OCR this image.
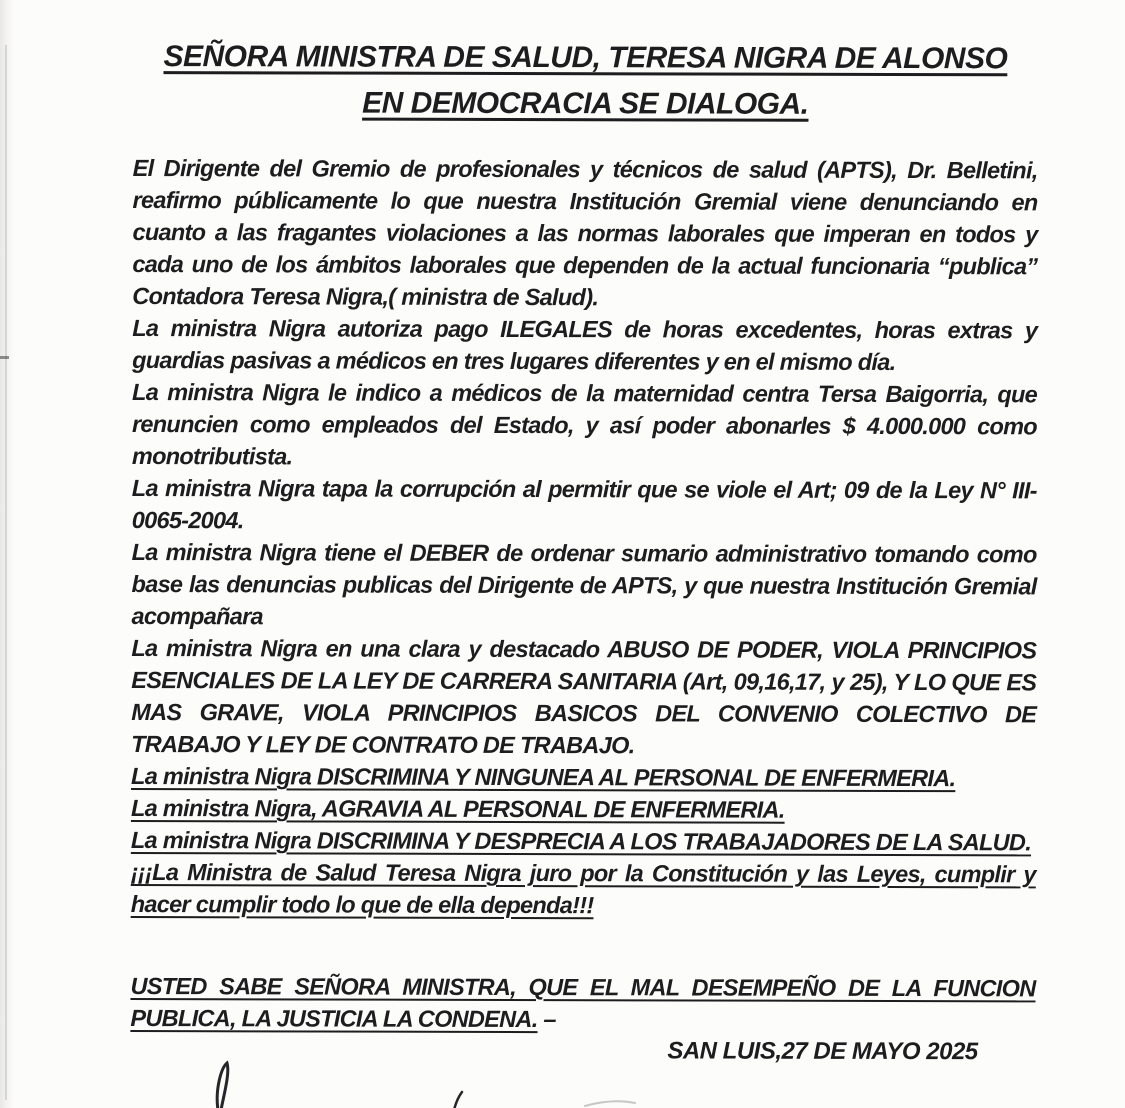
SEÑORA MINISTRA DE SALUD, TERESA NIGRA DE ALONSO
EN DEMOCRACIA SE DIALOGA.

El Dirigente del Gremio de profesionales y técnicos de salud (APTS), Dr. Belletini, reafirmo públicamente lo que nuestra Institución Gremial viene denunciando en cuanto a las fragantes violaciones a las normas laborales que imperan en todos y cada uno de los ámbitos laborales que dependen de la actual funcionaria “publica” Contadora Teresa Nigra,( ministra de Salud).

La ministra Nigra autoriza pago ILEGALES de horas excedentes, horas extras y guardias pasivas a médicos en tres lugares diferentes y en el mismo día.

La ministra Nigra le indico a médicos de la maternidad centra Tersa Baigorria, que renuncien como empleados del Estado, y así poder abonarles $ 4.000.000 como monotributista.

La ministra Nigra tapa la corrupción al permitir que se viole el Art; 09 de la Ley N° III-0065-2004.

La ministra Nigra tiene el DEBER de ordenar sumario administrativo tomando como base las denuncias publicas del Dirigente de APTS, y que nuestra Institución Gremial acompañara

La ministra Nigra en una clara y destacado ABUSO DE PODER, VIOLA PRINCIPIOS ESENCIALES DE LA LEY DE CARRERA SANITARIA (Art, 09,16,17, y 25), Y LO QUE ES MAS GRAVE, VIOLA PRINCIPIOS BASICOS DEL CONVENIO COLECTIVO DE TRABAJO Y LEY DE CONTRATO DE TRABAJO.

La ministra Nigra DISCRIMINA Y NINGUNEA AL PERSONAL DE ENFERMERIA.

La ministra Nigra, AGRAVIA AL PERSONAL DE ENFERMERIA.

La ministra Nigra DISCRIMINA Y DESPRECIA A LOS TRABAJADORES DE LA SALUD.

¡¡¡La Ministra de Salud Teresa Nigra juro por la Constitución y las Leyes, cumplir y hacer cumplir todo lo que de ella dependa!!!

USTED SABE SEÑORA MINISTRA, QUE EL MAL DESEMPEÑO DE LA FUNCION PUBLICA, LA JUSTICIA LA CONDENA. –

SAN LUIS,27 DE MAYO 2025
